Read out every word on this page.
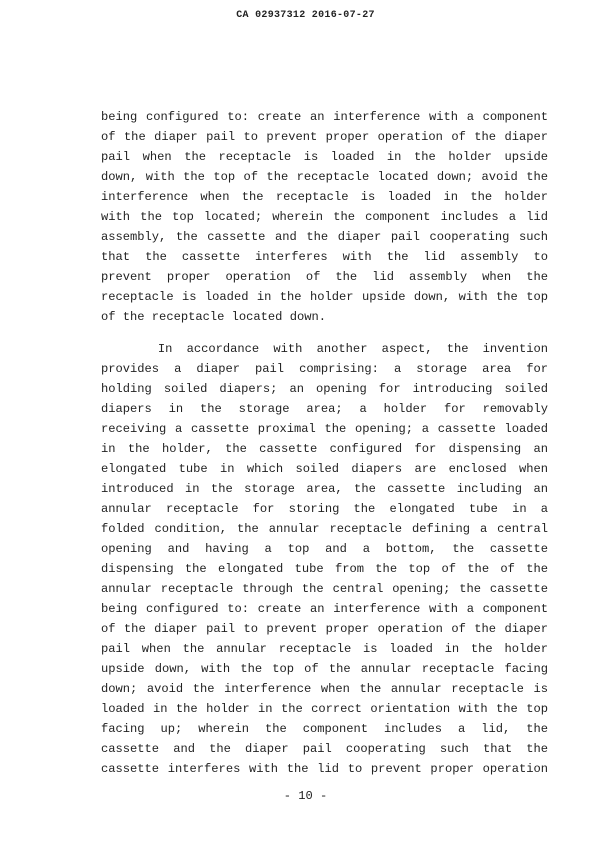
CA 02937312 2016-07-27

being configured to: create an interference with a component
of the diaper pail to prevent proper operation of the diaper
pail when the receptacle is loaded in the holder upside
down, with the top of the receptacle located down; avoid the
interference when the receptacle is loaded in the holder
with the top located; wherein the component includes a lid
assembly, the cassette and the diaper pail cooperating such
that the cassette interferes with the lid assembly to
prevent proper operation of the lid assembly when the
receptacle is loaded in the holder upside down, with the top
of the receptacle located down.

In accordance with another aspect, the invention
provides a diaper pail comprising: a storage area for
holding soiled diapers; an opening for introducing soiled
diapers in the storage area; a holder for removably
receiving a cassette proximal the opening; a cassette loaded
in the holder, the cassette configured for dispensing an
elongated tube in which soiled diapers are enclosed when
introduced in the storage area, the cassette including an
annular receptacle for storing the elongated tube in a
folded condition, the annular receptacle defining a central
opening and having a top and a bottom, the cassette
dispensing the elongated tube from the top of the of the
annular receptacle through the central opening; the cassette
being configured to: create an interference with a component
of the diaper pail to prevent proper operation of the diaper
pail when the annular receptacle is loaded in the holder
upside down, with the top of the annular receptacle facing
down; avoid the interference when the annular receptacle is
loaded in the holder in the correct orientation with the top
facing up; wherein the component includes a lid, the
cassette and the diaper pail cooperating such that the
cassette interferes with the lid to prevent proper operation

- 10 -
